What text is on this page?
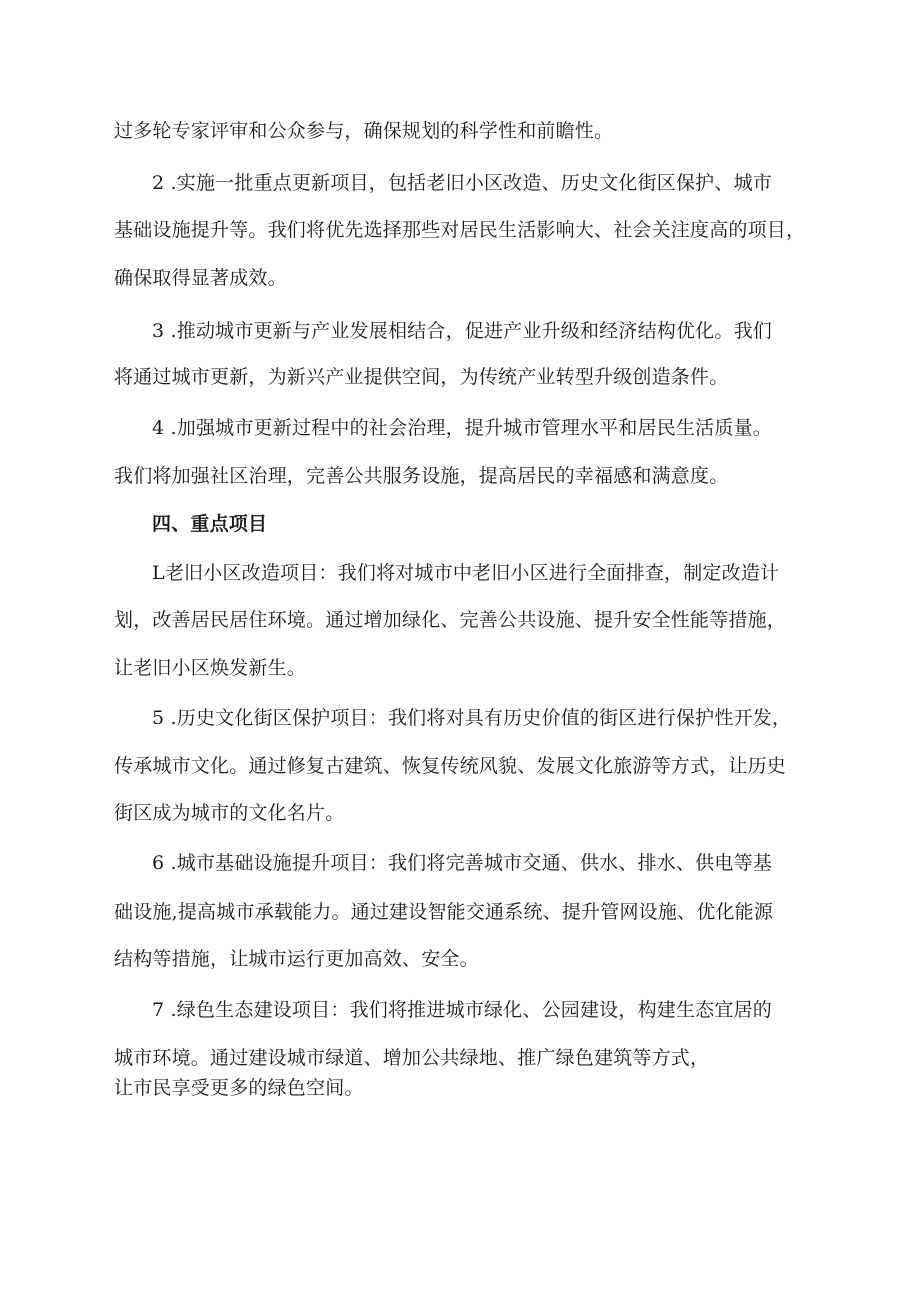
过多轮专家评审和公众参与，确保规划的科学性和前瞻性。
2 .实施一批重点更新项目，包括老旧小区改造、历史文化街区保护、城市
基础设施提升等。我们将优先选择那些对居民生活影响大、社会关注度高的项目，
确保取得显著成效。
3 .推动城市更新与产业发展相结合，促进产业升级和经济结构优化。我们
将通过城市更新，为新兴产业提供空间，为传统产业转型升级创造条件。
4 .加强城市更新过程中的社会治理，提升城市管理水平和居民生活质量。
我们将加强社区治理，完善公共服务设施，提高居民的幸福感和满意度。
四、重点项目
L老旧小区改造项目：我们将对城市中老旧小区进行全面排查，制定改造计
划，改善居民居住环境。通过增加绿化、完善公共设施、提升安全性能等措施，
让老旧小区焕发新生。
5 .历史文化街区保护项目：我们将对具有历史价值的街区进行保护性开发，
传承城市文化。通过修复古建筑、恢复传统风貌、发展文化旅游等方式，让历史
街区成为城市的文化名片。
6 .城市基础设施提升项目：我们将完善城市交通、供水、排水、供电等基
础设施,提高城市承载能力。通过建设智能交通系统、提升管网设施、优化能源
结构等措施，让城市运行更加高效、安全。
7 .绿色生态建设项目：我们将推进城市绿化、公园建设，构建生态宜居的
城市环境。通过建设城市绿道、增加公共绿地、推广绿色建筑等方式，
让市民享受更多的绿色空间。
